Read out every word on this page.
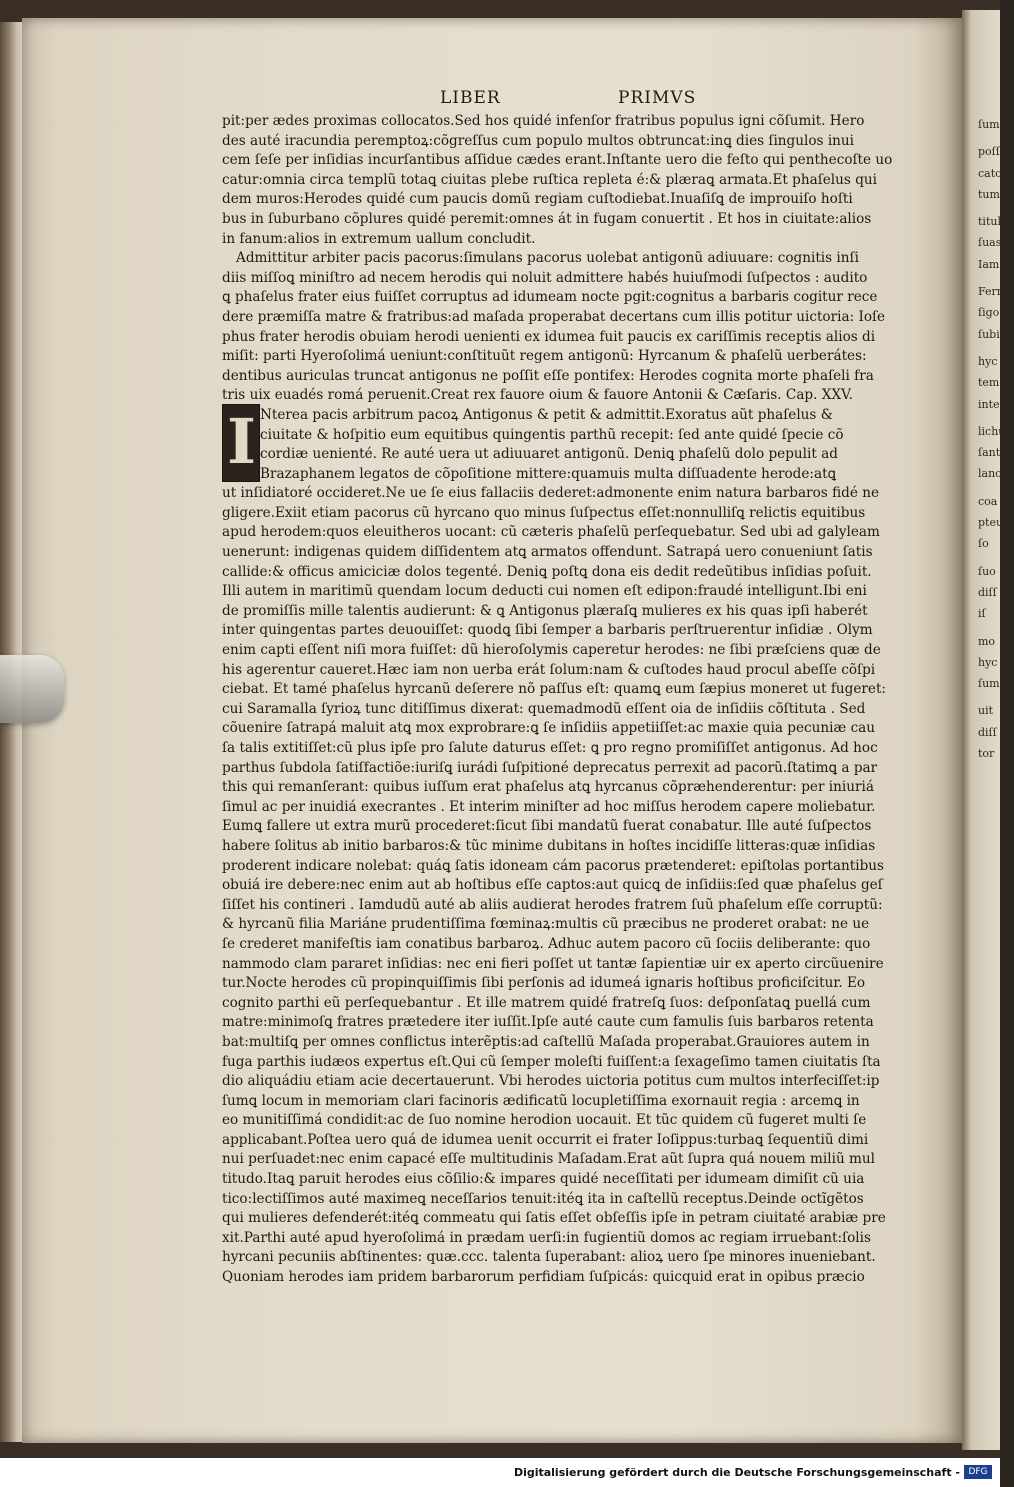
ſum in
poſſi
cato
tum e
titula
ſuas
Iam
Ferru
ſigo
ſubi
hyc
tem
inter
lichu
ſant
lano
coa
pteu
ſo
ſuo
diſſ
iſ
mo
hyc
ſum
uit
diſſ
tor
LIBER	PRIMVS
I
pit:per ædes proximas collocatos.Sed hos quidé infenſor fratribus populus igni cõſumit. Hero
des auté iracundia peremptoꝝ:cõgreſſus cum populo multos obtruncat:inꝗ dies ſingulos inui
cem ſeſe per inſidias incurſantibus aſſidue cædes erant.Inſtante uero die feſto qui penthecoſte uo
catur:omnia circa templũ totaꝗ ciuitas plebe ruſtica repleta é:& plæraꝗ armata.Et phaſelus qui
dem muros:Herodes quidé cum paucis domũ regiam cuſtodiebat.Inuaſiſꝗ de improuiſo hoſti
bus in ſuburbano cõplures quidé peremit:omnes át in fugam conuertit . Et hos in ciuitate:alios
in fanum:alios in extremum uallum concludit.
Admittitur arbiter pacis pacorus:ſimulans pacorus uolebat antigonũ adiuuare: cognitis inſi
diis miſſoꝗ miniſtro ad necem herodis qui noluit admittere habés huiuſmodi ſuſpectos : audito
ꝗ phaſelus frater eius fuiſſet corruptus ad idumeam nocte pgit:cognitus a barbaris cogitur rece
dere præmiſſa matre & fratribus:ad maſada properabat decertans cum illis potitur uictoria: Ioſe
phus frater herodis obuiam herodi uenienti ex idumea fuit paucis ex cariſſimis receptis alios di
miſit: parti Hyeroſolimá ueniunt:conſtituũt regem antigonũ: Hyrcanum & phaſelũ uerberátes:
dentibus auriculas truncat antigonus ne poſſit eſſe pontifex: Herodes cognita morte phaſeli fra
tris uix euadés romá peruenit.Creat rex fauore oium & fauore Antonii & Cæſaris. Cap. XXV.
Nterea pacis arbitrum pacoꝝ Antigonus & petit & admittit.Exoratus aũt phaſelus &
ciuitate & hoſpitio eum equitibus quingentis parthũ recepit: ſed ante quidé ſpecie cõ
cordiæ uenienté. Re auté uera ut adiuuaret antigonũ. Deniꝗ phaſelũ dolo pepulit ad
Brazaphanem legatos de cõpoſitione mittere:quamuis multa diſſuadente herode:atꝗ
ut inſidiatoré occideret.Ne ue ſe eius fallaciis dederet:admonente enim natura barbaros fidé ne
gligere.Exiit etiam pacorus cũ hyrcano quo minus ſuſpectus eſſet:nonnulliſꝗ relictis equitibus
apud herodem:quos eleuitheros uocant: cũ cæteris phaſelũ perſequebatur. Sed ubi ad galyleam
uenerunt: indigenas quidem diſſidentem atꝗ armatos offendunt. Satrapá uero conueniunt ſatis
callide:& officus amiciciæ dolos tegenté. Deniꝗ poſtꝗ dona eis dedit redeũtibus inſidias poſuit.
Illi autem in maritimũ quendam locum deducti cui nomen eſt edipon:fraudé intelligunt.Ibi eni
de promiſſis mille talentis audierunt: & ꝗ Antigonus plæraſꝗ mulieres ex his quas ipſi haberét
inter quingentas partes deuouiſſet: quodꝗ ſibi ſemper a barbaris perſtruerentur inſidiæ . Olym
enim capti eſſent niſi mora fuiſſet: dũ hieroſolymis caperetur herodes: ne ſibi præſciens quæ de
his agerentur caueret.Hæc iam non uerba erát ſolum:nam & cuſtodes haud procul abeſſe cõſpi
ciebat. Et tamé phaſelus hyrcanũ deſerere nõ paſſus eſt: quamꝗ eum ſæpius moneret ut fugeret:
cui Saramalla ſyrioꝝ tunc ditiſſimus dixerat: quemadmodũ eſſent oia de inſidiis cõſtituta . Sed
cõuenire ſatrapá maluit atꝗ mox exprobrare:ꝗ ſe inſidiis appetiiſſet:ac maxie quia pecuniæ cau
ſa talis extitiſſet:cũ plus ipſe pro ſalute daturus eſſet: ꝗ pro regno promiſiſſet antigonus. Ad hoc
parthus ſubdola ſatiſfactiõe:iuriſꝗ iurádi ſuſpitioné deprecatus perrexit ad pacorũ.ſtatimꝗ a par
this qui remanſerant: quibus iuſſum erat phaſelus atꝗ hyrcanus cõpræhenderentur: per iniuriá
ſimul ac per inuidiá execrantes . Et interim miniſter ad hoc miſſus herodem capere moliebatur.
Eumꝗ fallere ut extra murũ procederet:ſicut ſibi mandatũ fuerat conabatur. Ille auté ſuſpectos
habere ſolitus ab initio barbaros:& tũc minime dubitans in hoſtes incidiſſe litteras:quæ inſidias
proderent indicare nolebat: quáꝗ ſatis idoneam cám pacorus prætenderet: epiſtolas portantibus
obuiá ire debere:nec enim aut ab hoſtibus eſſe captos:aut quicꝗ de inſidiis:ſed quæ phaſelus geſ
ſiſſet his contineri . Iamdudũ auté ab aliis audierat herodes fratrem ſuũ phaſelum eſſe corruptũ:
& hyrcanũ filia Mariáne prudentiſſima fœminaꝝ:multis cũ præcibus ne proderet orabat: ne ue
ſe crederet manifeſtis iam conatibus barbaroꝝ. Adhuc autem pacoro cũ ſociis deliberante: quo
nammodo clam pararet inſidias: nec eni fieri poſſet ut tantæ ſapientiæ uir ex aperto circũuenire
tur.Nocte herodes cũ propinquiſſimis ſibi perſonis ad idumeá ignaris hoſtibus proficiſcitur. Eo
cognito parthi eũ perſequebantur . Et ille matrem quidé fratreſꝗ ſuos: deſponſataꝗ puellá cum
matre:minimoſꝗ fratres prætedere iter iuſſit.Ipſe auté caute cum famulis ſuis barbaros retenta
bat:multiſꝗ per omnes conflictus interẽptis:ad caſtellũ Maſada properabat.Grauiores autem in
fuga parthis iudæos expertus eſt.Qui cũ ſemper moleſti fuiſſent:a ſexageſimo tamen ciuitatis ſta
dio aliquádiu etiam acie decertauerunt. Vbi herodes uictoria potitus cum multos interfeciſſet:ip
ſumꝗ locum in memoriam clari facinoris ædificatũ locupletiſſima exornauit regia : arcemꝗ in
eo munitiſſimá condidit:ac de ſuo nomine herodion uocauit. Et tũc quidem cũ fugeret multi ſe
applicabant.Poſtea uero quá de idumea uenit occurrit ei frater Ioſippus:turbaꝗ ſequentiũ dimi
nui perſuadet:nec enim capacé eſſe multitudinis Maſadam.Erat aũt ſupra quá nouem miliũ mul
titudo.Itaꝗ paruit herodes eius cõſilio:& impares quidé neceſſitati per idumeam dimiſit cũ uia
tico:lectiſſimos auté maximeꝗ neceſſarios tenuit:itéꝗ ita in caſtellũ receptus.Deinde octĩgẽtos
qui mulieres defenderét:itéꝗ commeatu qui ſatis eſſet obſeſſis ipſe in petram ciuitaté arabiæ pre
xit.Parthi auté apud hyeroſolimá in prædam uerſi:in fugientiũ domos ac regiam irruebant:ſolis
hyrcani pecuniis abſtinentes: quæ.ccc. talenta ſuperabant: alioꝝ uero ſpe minores inueniebant.
Quoniam herodes iam pridem barbarorum perfidiam ſuſpicás: quicquid erat in opibus præcio
Digitalisierung gefördert durch die Deutsche Forschungsgemeinschaft - DFG
